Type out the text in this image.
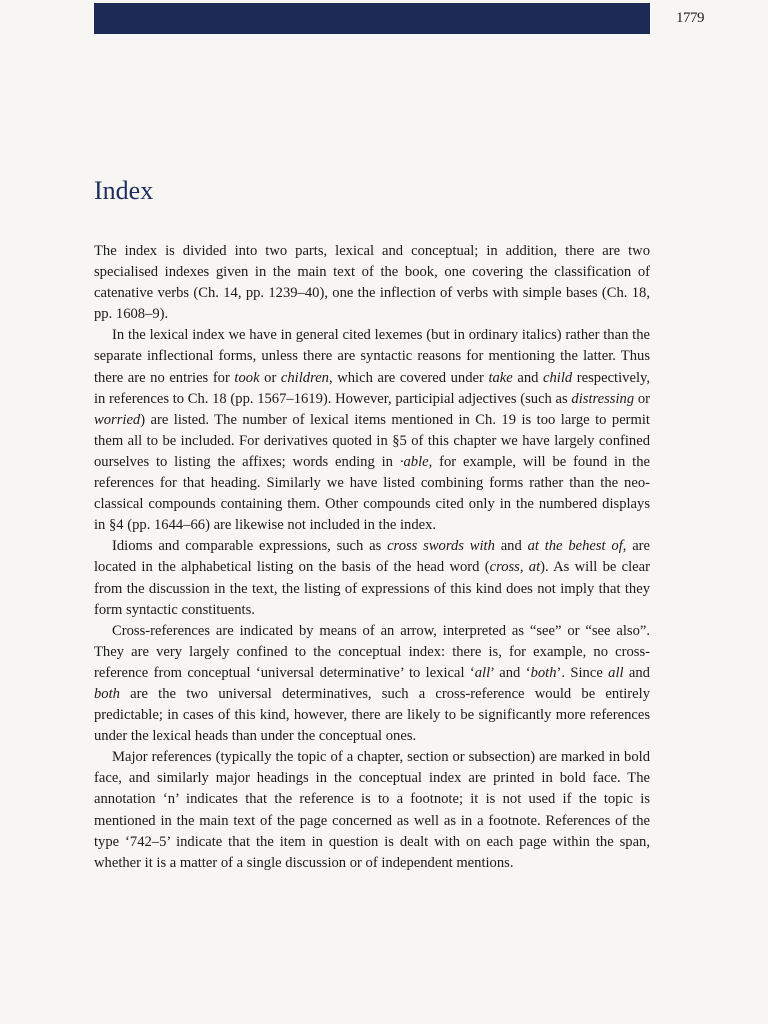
1779
Index

The index is divided into two parts, lexical and conceptual; in addition, there are two specialised indexes given in the main text of the book, one covering the classification of catenative verbs (Ch. 14, pp. 1239–40), one the inflection of verbs with simple bases (Ch. 18, pp. 1608–9).

In the lexical index we have in general cited lexemes (but in ordinary italics) rather than the separate inflectional forms, unless there are syntactic reasons for mentioning the latter. Thus there are no entries for took or children, which are covered under take and child respectively, in references to Ch. 18 (pp. 1567–1619). However, participial adjectives (such as distressing or worried) are listed. The number of lexical items mentioned in Ch. 19 is too large to permit them all to be included. For derivatives quoted in §5 of this chapter we have largely confined ourselves to listing the affixes; words ending in ·able, for example, will be found in the references for that heading. Similarly we have listed combining forms rather than the neo-classical compounds containing them. Other compounds cited only in the numbered displays in §4 (pp. 1644–66) are likewise not included in the index.

Idioms and comparable expressions, such as cross swords with and at the behest of, are located in the alphabetical listing on the basis of the head word (cross, at). As will be clear from the discussion in the text, the listing of expressions of this kind does not imply that they form syntactic constituents.

Cross-references are indicated by means of an arrow, interpreted as “see” or “see also”. They are very largely confined to the conceptual index: there is, for example, no cross-reference from conceptual ‘universal determinative’ to lexical ‘all’ and ‘both’. Since all and both are the two universal determinatives, such a cross-reference would be entirely predictable; in cases of this kind, however, there are likely to be significantly more references under the lexical heads than under the conceptual ones.

Major references (typically the topic of a chapter, section or subsection) are marked in bold face, and similarly major headings in the conceptual index are printed in bold face. The annotation ‘n’ indicates that the reference is to a footnote; it is not used if the topic is mentioned in the main text of the page concerned as well as in a footnote. References of the type ‘742–5’ indicate that the item in question is dealt with on each page within the span, whether it is a matter of a single discussion or of independent mentions.
